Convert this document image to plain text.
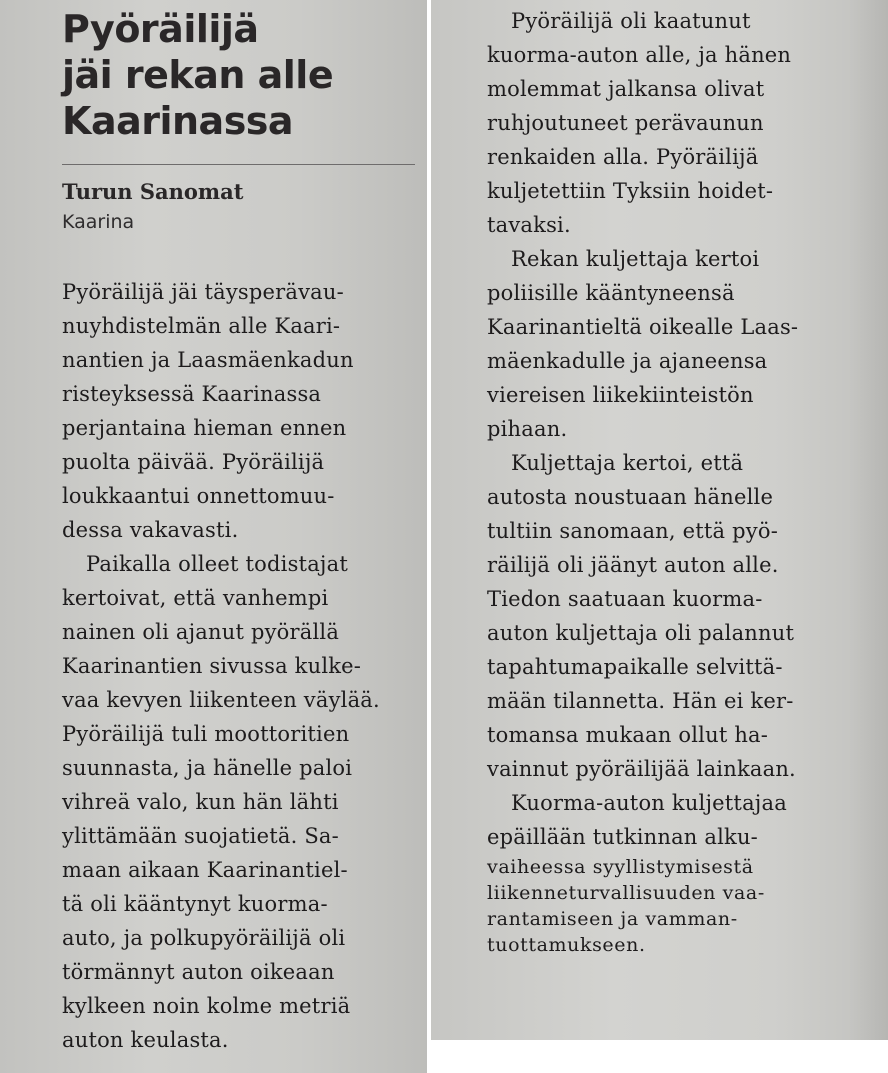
Pyöräilijä
jäi rekan alle
Kaarinassa
Turun Sanomat
Kaarina

Pyöräilijä jäi täysperävau-
nuyhdistelmän alle Kaari-
nantien ja Laasmäenkadun
risteyksessä Kaarinassa
perjantaina hieman ennen
puolta päivää. Pyöräilijä
loukkaantui onnettomuu-
dessa vakavasti.

Paikalla olleet todistajat
kertoivat, että vanhempi
nainen oli ajanut pyörällä
Kaarinantien sivussa kulke-
vaa kevyen liikenteen väylää.
Pyöräilijä tuli moottoritien
suunnasta, ja hänelle paloi
vihreä valo, kun hän lähti
ylittämään suojatietä. Sa-
maan aikaan Kaarinantiel-
tä oli kääntynyt kuorma-
auto, ja polkupyöräilijä oli
törmännyt auton oikeaan
kylkeen noin kolme metriä
auton keulasta.

Pyöräilijä oli kaatunut
kuorma-auton alle, ja hänen
molemmat jalkansa olivat
ruhjoutuneet perävaunun
renkaiden alla. Pyöräilijä
kuljetettiin Tyksiin hoidet-
tavaksi.

Rekan kuljettaja kertoi
poliisille kääntyneensä
Kaarinantieltä oikealle Laas-
mäenkadulle ja ajaneensa
viereisen liikekiinteistön
pihaan.

Kuljettaja kertoi, että
autosta noustuaan hänelle
tultiin sanomaan, että pyö-
räilijä oli jäänyt auton alle.
Tiedon saatuaan kuorma-
auton kuljettaja oli palannut
tapahtumapaikalle selvittä-
mään tilannetta. Hän ei ker-
tomansa mukaan ollut ha-
vainnut pyöräilijää lainkaan.

Kuorma-auton kuljettajaa
epäillään tutkinnan alku-

vaiheessa syyllistymisestä
liikenneturvallisuuden vaa-
rantamiseen ja vamman-
tuottamukseen.
